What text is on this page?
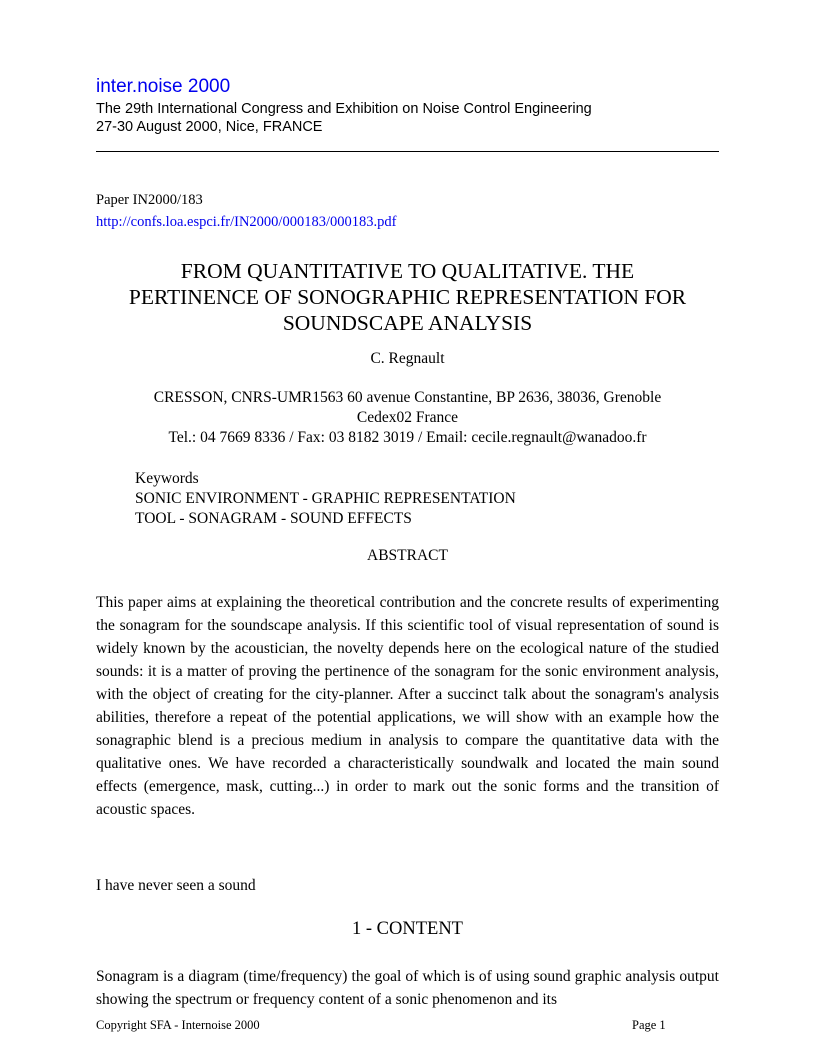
inter.noise 2000
The 29th International Congress and Exhibition on Noise Control Engineering
27-30 August 2000, Nice, FRANCE
Paper IN2000/183
http://confs.loa.espci.fr/IN2000/000183/000183.pdf
FROM QUANTITATIVE TO QUALITATIVE. THE
PERTINENCE OF SONOGRAPHIC REPRESENTATION FOR
SOUNDSCAPE ANALYSIS
C. Regnault
CRESSON, CNRS-UMR1563 60 avenue Constantine, BP 2636, 38036, Grenoble
Cedex02 France
Tel.: 04 7669 8336 / Fax: 03 8182 3019 / Email: cecile.regnault@wanadoo.fr
Keywords
SONIC ENVIRONMENT - GRAPHIC REPRESENTATION
TOOL - SONAGRAM - SOUND EFFECTS
ABSTRACT
This paper aims at explaining the theoretical contribution and the concrete results of experimenting the sonagram for the soundscape analysis. If this scientific tool of visual representation of sound is widely known by the acoustician, the novelty depends here on the ecological nature of the studied sounds: it is a matter of proving the pertinence of the sonagram for the sonic environment analysis, with the object of creating for the city-planner. After a succinct talk about the sonagram's analysis abilities, therefore a repeat of the potential applications, we will show with an example how the sonagraphic blend is a precious medium in analysis to compare the quantitative data with the qualitative ones. We have recorded a characteristically soundwalk and located the main sound effects (emergence, mask, cutting...) in order to mark out the sonic forms and the transition of acoustic spaces.
I have never seen a sound
1 - CONTENT
Sonagram is a diagram (time/frequency) the goal of which is of using sound graphic analysis output showing the spectrum or frequency content of a sonic phenomenon and its
Copyright SFA - Internoise 2000	Page 1
